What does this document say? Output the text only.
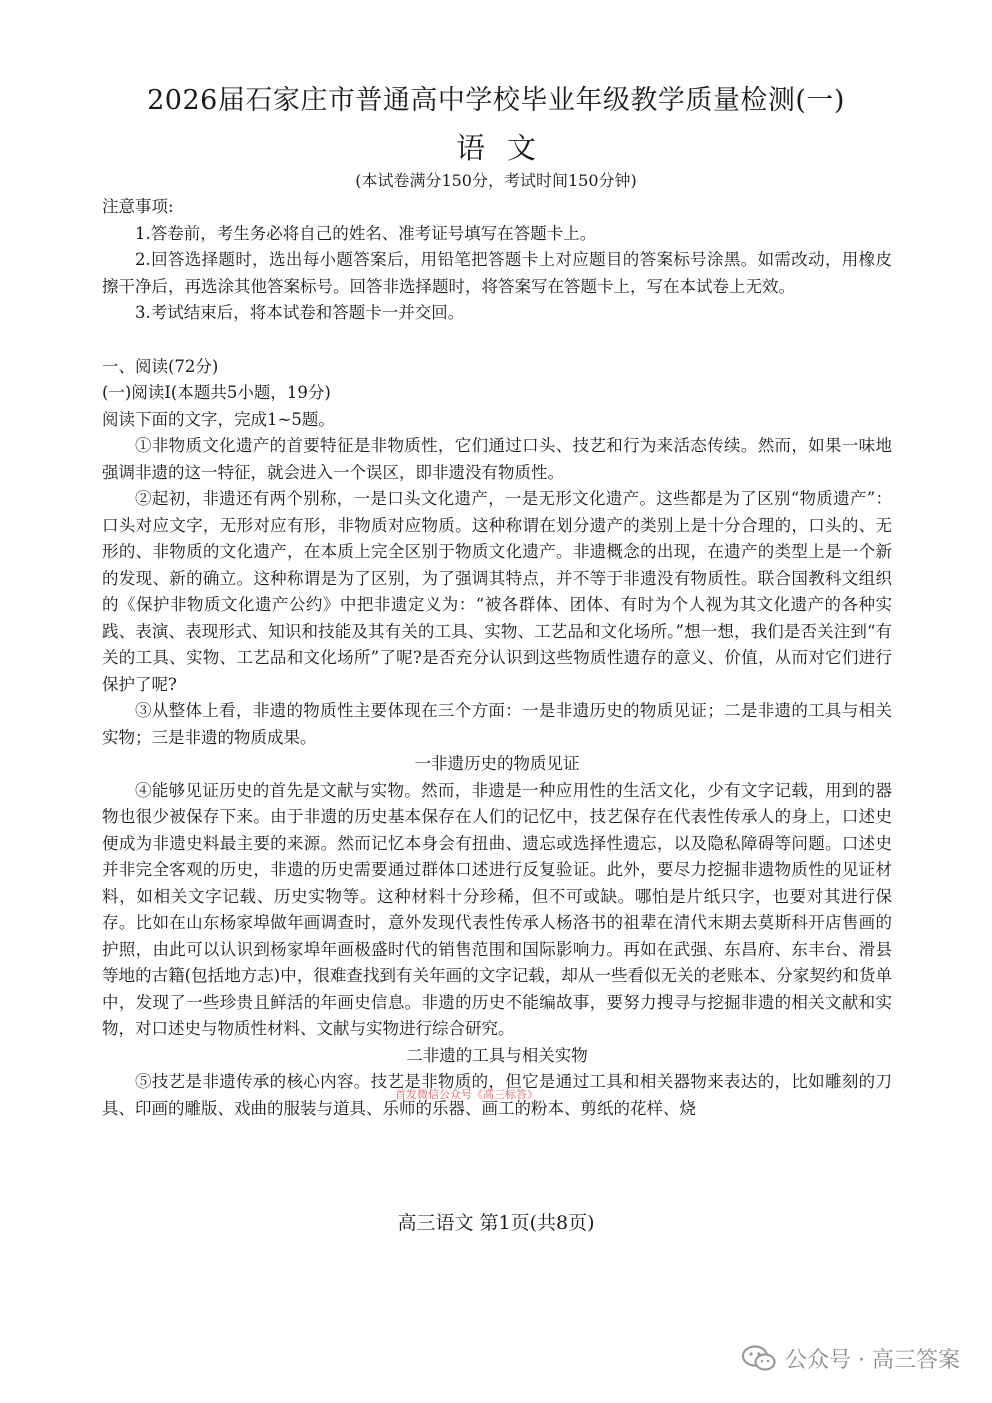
2026届石家庄市普通高中学校毕业年级教学质量检测(一)
语文
(本试卷满分150分，考试时间150分钟)

注意事项:

1.答卷前，考生务必将自己的姓名、准考证号填写在答题卡上。

2.回答选择题时，选出每小题答案后，用铅笔把答题卡上对应题目的答案标号涂黑。如需改动，用橡皮擦干净后，再选涂其他答案标号。回答非选择题时，将答案写在答题卡上，写在本试卷上无效。

3.考试结束后，将本试卷和答题卡一并交回。

一、阅读(72分)

(一)阅读Ⅰ(本题共5小题，19分)

阅读下面的文字，完成1~5题。

①非物质文化遗产的首要特征是非物质性，它们通过口头、技艺和行为来活态传续。然而，如果一味地强调非遗的这一特征，就会进入一个误区，即非遗没有物质性。

②起初，非遗还有两个别称，一是口头文化遗产，一是无形文化遗产。这些都是为了区别“物质遗产”：口头对应文字，无形对应有形，非物质对应物质。这种称谓在划分遗产的类别上是十分合理的，口头的、无形的、非物质的文化遗产，在本质上完全区别于物质文化遗产。非遗概念的出现，在遗产的类型上是一个新的发现、新的确立。这种称谓是为了区别，为了强调其特点，并不等于非遗没有物质性。联合国教科文组织的《保护非物质文化遗产公约》中把非遗定义为：“被各群体、团体、有时为个人视为其文化遗产的各种实践、表演、表现形式、知识和技能及其有关的工具、实物、工艺品和文化场所。”想一想，我们是否关注到“有关的工具、实物、工艺品和文化场所”了呢?是否充分认识到这些物质性遗存的意义、价值，从而对它们进行保护了呢?

③从整体上看，非遗的物质性主要体现在三个方面：一是非遗历史的物质见证；二是非遗的工具与相关实物；三是非遗的物质成果。

一非遗历史的物质见证

④能够见证历史的首先是文献与实物。然而，非遗是一种应用性的生活文化，少有文字记载，用到的器物也很少被保存下来。由于非遗的历史基本保存在人们的记忆中，技艺保存在代表性传承人的身上，口述史便成为非遗史料最主要的来源。然而记忆本身会有扭曲、遗忘或选择性遗忘，以及隐私障碍等问题。口述史并非完全客观的历史，非遗的历史需要通过群体口述进行反复验证。此外，要尽力挖掘非遗物质性的见证材料，如相关文字记载、历史实物等。这种材料十分珍稀，但不可或缺。哪怕是片纸只字，也要对其进行保存。比如在山东杨家埠做年画调查时，意外发现代表性传承人杨洛书的祖辈在清代末期去莫斯科开店售画的护照，由此可以认识到杨家埠年画极盛时代的销售范围和国际影响力。再如在武强、东昌府、东丰台、滑县等地的古籍(包括地方志)中，很难查找到有关年画的文字记载，却从一些看似无关的老账本、分家契约和货单中，发现了一些珍贵且鲜活的年画史信息。非遗的历史不能编故事，要努力搜寻与挖掘非遗的相关文献和实物，对口述史与物质性材料、文献与实物进行综合研究。

二非遗的工具与相关实物

⑤技艺是非遗传承的核心内容。技艺是非物质的，但它是通过工具和相关器物来表达的，比如雕刻的刀具、印画的雕版、戏曲的服装与道具、乐师的乐器、画工的粉本、剪纸的花样、烧

首发微信公众号《高三标答》
高三语文 第1页(共8页)
公众号 · 高三答案
